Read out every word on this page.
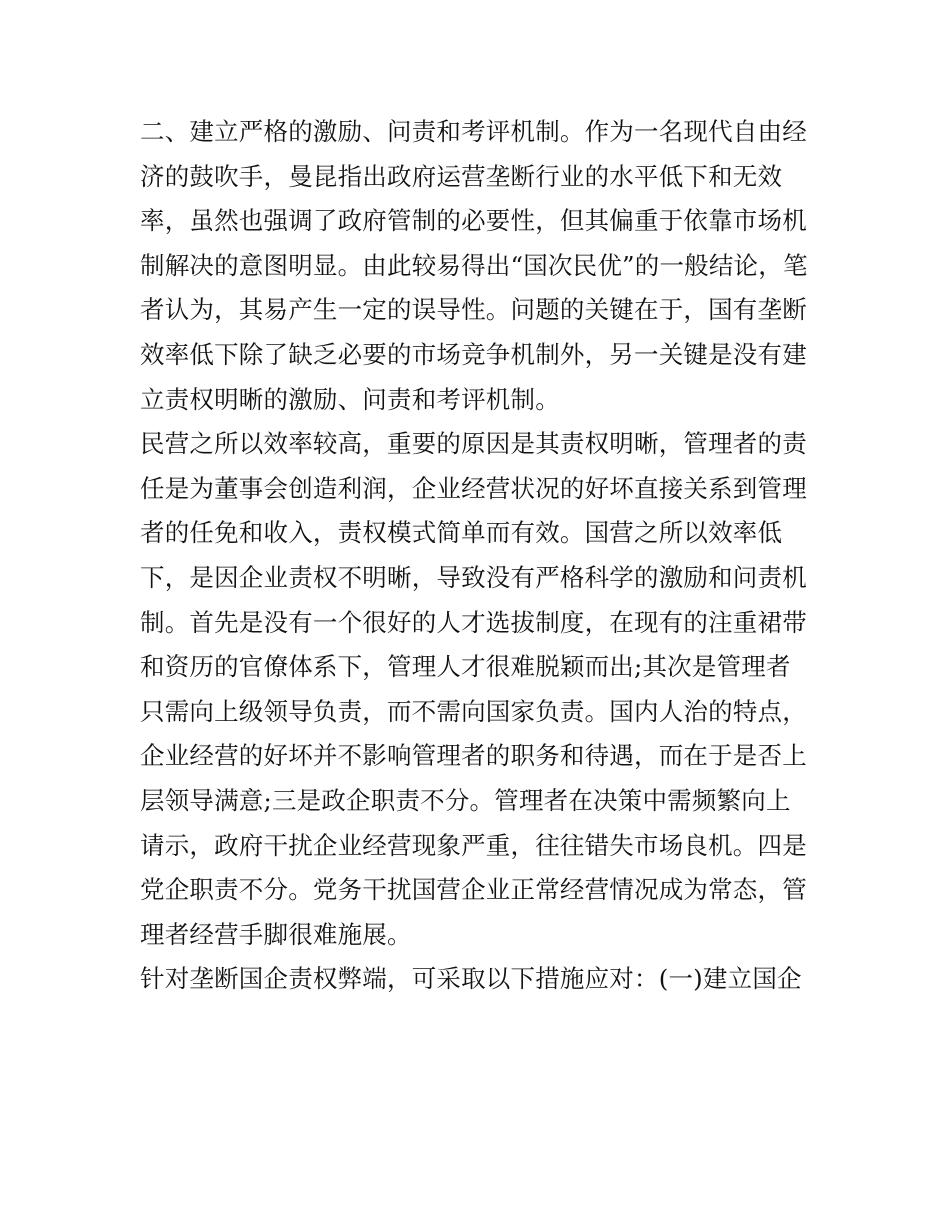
二、建立严格的激励、问责和考评机制。作为一名现代自由经
济的鼓吹手，曼昆指出政府运营垄断行业的水平低下和无效
率，虽然也强调了政府管制的必要性，但其偏重于依靠市场机
制解决的意图明显。由此较易得出“国次民优”的一般结论，笔
者认为，其易产生一定的误导性。问题的关键在于，国有垄断
效率低下除了缺乏必要的市场竞争机制外，另一关键是没有建
立责权明晰的激励、问责和考评机制。
民营之所以效率较高，重要的原因是其责权明晰，管理者的责
任是为董事会创造利润，企业经营状况的好坏直接关系到管理
者的任免和收入，责权模式简单而有效。国营之所以效率低
下，是因企业责权不明晰，导致没有严格科学的激励和问责机
制。首先是没有一个很好的人才选拔制度，在现有的注重裙带
和资历的官僚体系下，管理人才很难脱颖而出;其次是管理者
只需向上级领导负责，而不需向国家负责。国内人治的特点，
企业经营的好坏并不影响管理者的职务和待遇，而在于是否上
层领导满意;三是政企职责不分。管理者在决策中需频繁向上
请示，政府干扰企业经营现象严重，往往错失市场良机。四是
党企职责不分。党务干扰国营企业正常经营情况成为常态，管
理者经营手脚很难施展。
针对垄断国企责权弊端，可采取以下措施应对：(一)建立国企
